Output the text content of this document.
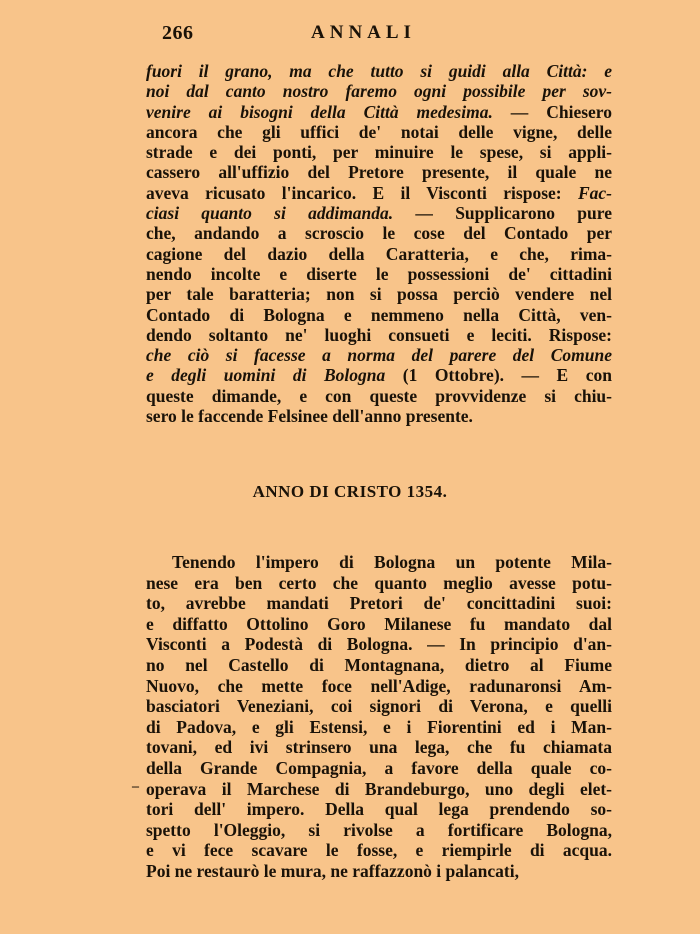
266	ANNALI
fuori il grano, ma che tutto si guidi alla Città: e
noi dal canto nostro faremo ogni possibile per sov-
venire ai bisogni della Città medesima. — Chiesero
ancora che gli uffici de' notai delle vigne, delle
strade e dei ponti, per minuire le spese, si appli-
cassero all'uffizio del Pretore presente, il quale ne
aveva ricusato l'incarico. E il Visconti rispose: Fac-
ciasi quanto si addimanda. — Supplicarono pure
che, andando a scroscio le cose del Contado per
cagione del dazio della Caratteria, e che, rima-
nendo incolte e diserte le possessioni de' cittadini
per tale baratteria; non si possa perciò vendere nel
Contado di Bologna e nemmeno nella Città, ven-
dendo soltanto ne' luoghi consueti e leciti. Rispose:
che ciò si facesse a norma del parere del Comune
e degli uomini di Bologna (1 Ottobre). — E con
queste dimande, e con queste provvidenze si chiu-
sero le faccende Felsinee dell'anno presente.
ANNO DI CRISTO 1354.
–
Tenendo l'impero di Bologna un potente Mila-
nese era ben certo che quanto meglio avesse potu-
to, avrebbe mandati Pretori de' concittadini suoi:
e diffatto Ottolino Goro Milanese fu mandato dal
Visconti a Podestà di Bologna. — In principio d'an-
no nel Castello di Montagnana, dietro al Fiume
Nuovo, che mette foce nell'Adige, radunaronsi Am-
basciatori Veneziani, coi signori di Verona, e quelli
di Padova, e gli Estensi, e i Fiorentini ed i Man-
tovani, ed ivi strinsero una lega, che fu chiamata
della Grande Compagnia, a favore della quale co-
operava il Marchese di Brandeburgo, uno degli elet-
tori dell' impero. Della qual lega prendendo so-
spetto l'Oleggio, si rivolse a fortificare Bologna,
e vi fece scavare le fosse, e riempirle di acqua.
Poi ne restaurò le mura, ne raffazzonò i palancati,
